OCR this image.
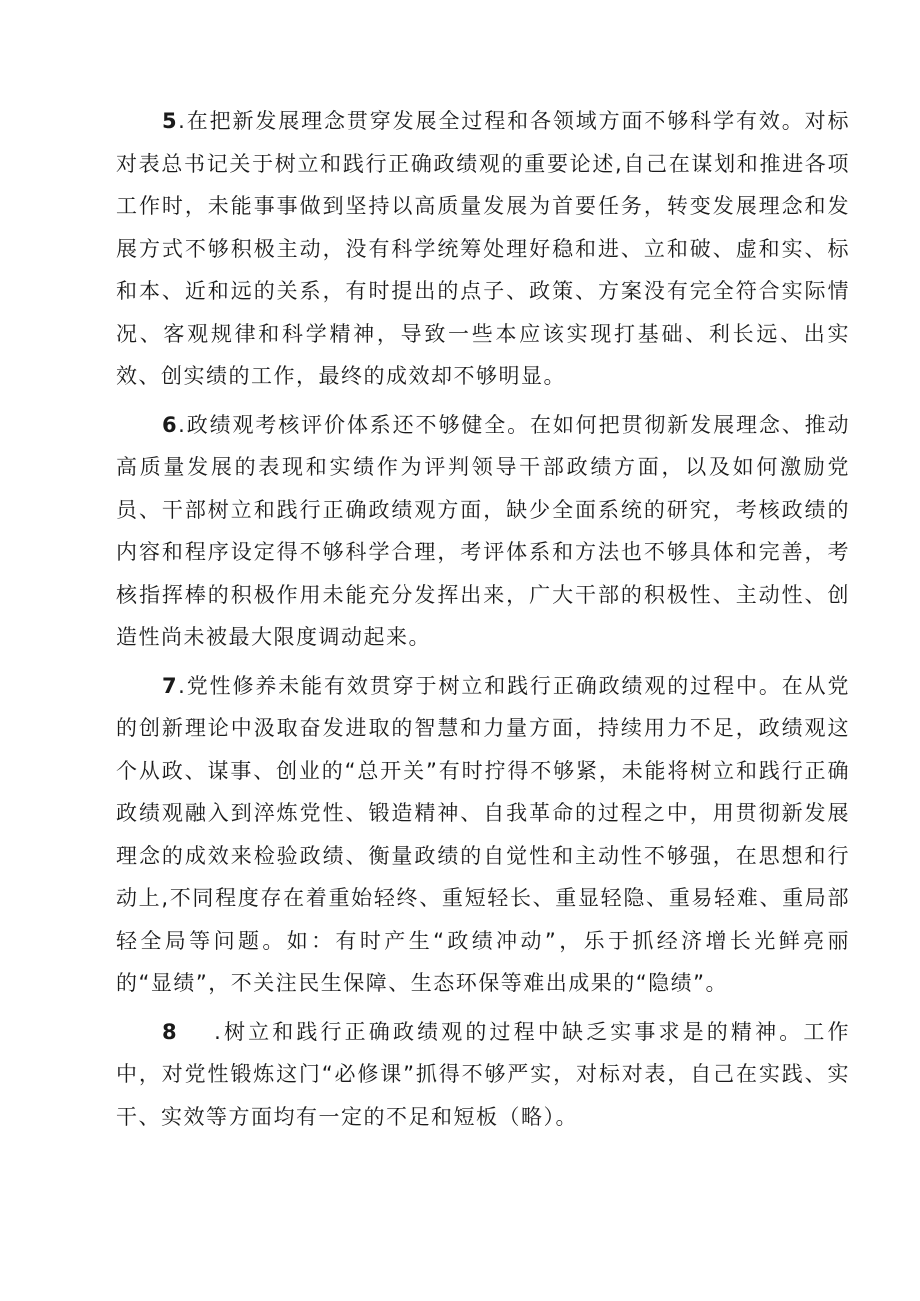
5.在把新发展理念贯穿发展全过程和各领域方面不够科学有效。对标对表总书记关于树立和践行正确政绩观的重要论述,自己在谋划和推进各项工作时，未能事事做到坚持以高质量发展为首要任务，转变发展理念和发展方式不够积极主动，没有科学统筹处理好稳和进、立和破、虚和实、标和本、近和远的关系，有时提出的点子、政策、方案没有完全符合实际情况、客观规律和科学精神，导致一些本应该实现打基础、利长远、出实效、创实绩的工作，最终的成效却不够明显。

6.政绩观考核评价体系还不够健全。在如何把贯彻新发展理念、推动高质量发展的表现和实绩作为评判领导干部政绩方面，以及如何激励党员、干部树立和践行正确政绩观方面，缺少全面系统的研究，考核政绩的内容和程序设定得不够科学合理，考评体系和方法也不够具体和完善，考核指挥棒的积极作用未能充分发挥出来，广大干部的积极性、主动性、创造性尚未被最大限度调动起来。

7.党性修养未能有效贯穿于树立和践行正确政绩观的过程中。在从党的创新理论中汲取奋发进取的智慧和力量方面，持续用力不足，政绩观这个从政、谋事、创业的“总开关”有时拧得不够紧，未能将树立和践行正确政绩观融入到淬炼党性、锻造精神、自我革命的过程之中，用贯彻新发展理念的成效来检验政绩、衡量政绩的自觉性和主动性不够强，在思想和行动上,不同程度存在着重始轻终、重短轻长、重显轻隐、重易轻难、重局部轻全局等问题。如：有时产生“政绩冲动”，乐于抓经济增长光鲜亮丽的“显绩”，不关注民生保障、生态环保等难出成果的“隐绩”。

8 .树立和践行正确政绩观的过程中缺乏实事求是的精神。工作中，对党性锻炼这门“必修课”抓得不够严实，对标对表，自己在实践、实干、实效等方面均有一定的不足和短板（略）。
